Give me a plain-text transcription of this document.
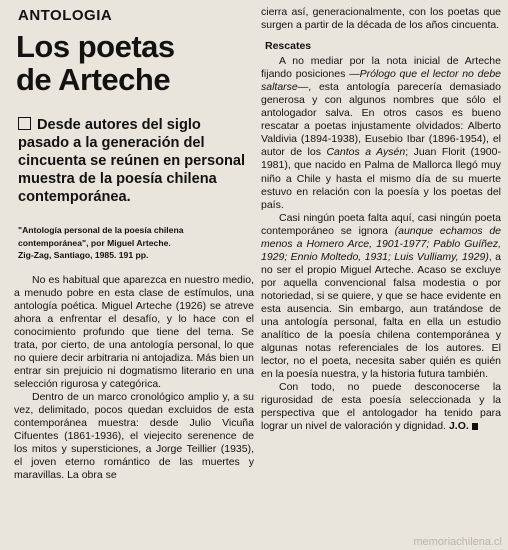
ANTOLOGIA
Los poetas
de Arteche
Desde autores del siglo pasado a la generación del cincuenta se reúnen en personal muestra de la poesía chilena contemporánea.
"Antología personal de la poesía chilena
contemporánea", por Miguel Arteche.
Zig-Zag, Santiago, 1985. 191 pp.

No es habitual que aparezca en nuestro medio, a menudo pobre en esta clase de estímulos, una antología poética. Miguel Arteche (1926) se atreve ahora a enfrentar el desafío, y lo hace con el conocimiento profundo que tiene del tema. Se trata, por cierto, de una antología personal, lo que no quiere decir arbitraria ni antojadiza. Más bien un entrar sin prejuicio ni dogmatismo literario en una selección rigurosa y categórica.

Dentro de un marco cronológico amplio y, a su vez, delimitado, pocos quedan excluidos de esta contemporánea muestra: desde Julio Vicuña Cifuentes (1861-1936), el viejecito serenence de los mitos y supersticiones, a Jorge Teillier (1935), el joven eterno romántico de las muertes y maravillas. La obra se

cierra así, generacionalmente, con los poetas que surgen a partir de la década de los años cincuenta.

Rescates

A no mediar por la nota inicial de Arteche fijando posiciones —Prólogo que el lector no debe saltarse—, esta antología parecería demasiado generosa y con algunos nombres que sólo el antologador salva. En otros casos es bueno rescatar a poetas injustamente olvidados: Alberto Valdivia (1894-1938), Eusebio Ibar (1896-1954), el autor de los Cantos a Aysén; Juan Florit (1900-1981), que nacido en Palma de Mallorca llegó muy niño a Chile y hasta el mismo día de su muerte estuvo en relación con la poesía y los poetas del país.

Casi ningún poeta falta aquí, casi ningún poeta contemporáneo se ignora (aunque echamos de menos a Homero Arce, 1901-1977; Pablo Guíñez, 1929; Ennio Moltedo, 1931; Luis Vulliamy, 1929), a no ser el propio Miguel Arteche. Acaso se excluye por aquella convencional falsa modestia o por notoriedad, si se quiere, y que se hace evidente en esta ausencia. Sin embargo, aun tratándose de una antología personal, falta en ella un estudio analítico de la poesía chilena contemporánea y algunas notas referenciales de los autores. El lector, no el poeta, necesita saber quién es quién en la poesía nuestra, y la historia futura también.

Con todo, no puede desconocerse la rigurosidad de esta poesía seleccionada y la perspectiva que el antologador ha tenido para lograr un nivel de valoración y dignidad. J.O.

memoriachilena.cl
